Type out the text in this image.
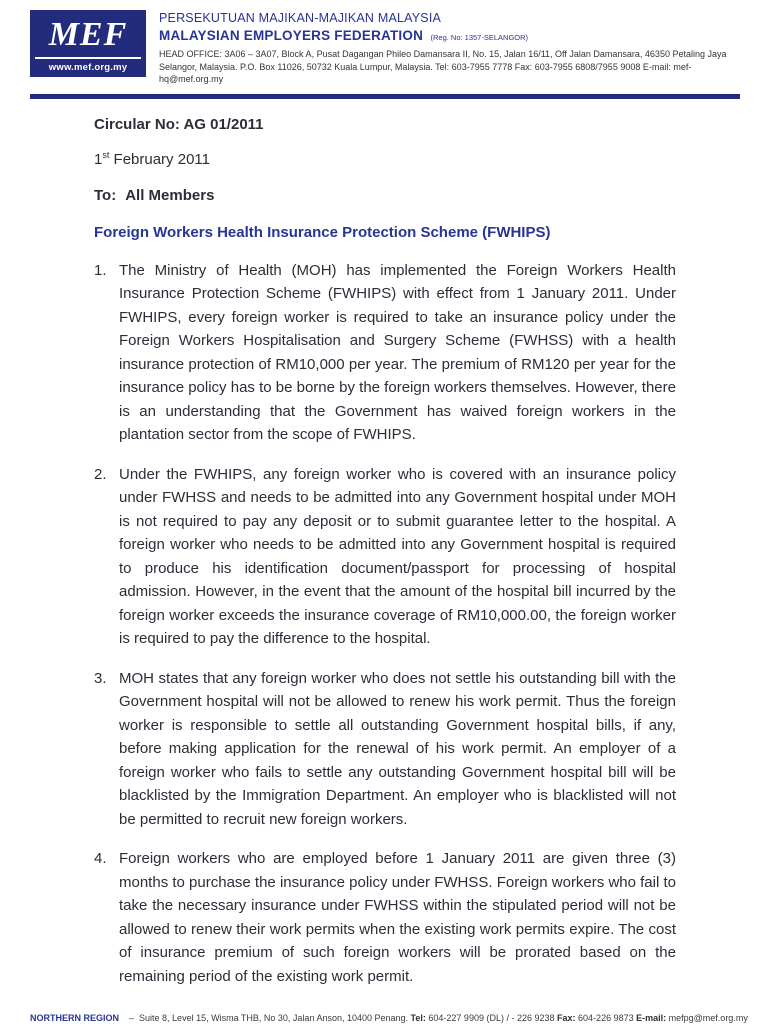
MEF
www.mef.org.my
PERSEKUTUAN MAJIKAN-MAJIKAN MALAYSIA
MALAYSIAN EMPLOYERS FEDERATION (Reg. No: 1357-SELANGOR)
HEAD OFFICE: 3A06 – 3A07, Block A, Pusat Dagangan Phileo Damansara II, No. 15, Jalan 16/11, Off Jalan Damansara, 46350 Petaling Jaya
Selangor, Malaysia. P.O. Box 11026, 50732 Kuala Lumpur, Malaysia. Tel: 603-7955 7778 Fax: 603-7955 6808/7955 9008 E-mail: mef-hq@mef.org.my

Circular No: AG 01/2011

1st February 2011

To: All Members

Foreign Workers Health Insurance Protection Scheme (FWHIPS)
1. The Ministry of Health (MOH) has implemented the Foreign Workers Health Insurance Protection Scheme (FWHIPS) with effect from 1 January 2011. Under FWHIPS, every foreign worker is required to take an insurance policy under the Foreign Workers Hospitalisation and Surgery Scheme (FWHSS) with a health insurance protection of RM10,000 per year. The premium of RM120 per year for the insurance policy has to be borne by the foreign workers themselves. However, there is an understanding that the Government has waived foreign workers in the plantation sector from the scope of FWHIPS.
2. Under the FWHIPS, any foreign worker who is covered with an insurance policy under FWHSS and needs to be admitted into any Government hospital under MOH is not required to pay any deposit or to submit guarantee letter to the hospital. A foreign worker who needs to be admitted into any Government hospital is required to produce his identification document/passport for processing of hospital admission. However, in the event that the amount of the hospital bill incurred by the foreign worker exceeds the insurance coverage of RM10,000.00, the foreign worker is required to pay the difference to the hospital.
3. MOH states that any foreign worker who does not settle his outstanding bill with the Government hospital will not be allowed to renew his work permit. Thus the foreign worker is responsible to settle all outstanding Government hospital bills, if any, before making application for the renewal of his work permit. An employer of a foreign worker who fails to settle any outstanding Government hospital bill will be blacklisted by the Immigration Department. An employer who is blacklisted will not be permitted to recruit new foreign workers.
4. Foreign workers who are employed before 1 January 2011 are given three (3) months to purchase the insurance policy under FWHSS. Foreign workers who fail to take the necessary insurance under FWHSS within the stipulated period will not be allowed to renew their work permits when the existing work permits expire. The cost of insurance premium of such foreign workers will be prorated based on the remaining period of the existing work permit.
NORTHERN REGION – Suite 8, Level 15, Wisma THB, No 30, Jalan Anson, 10400 Penang. Tel: 604-227 9909 (DL) / - 226 9238 Fax: 604-226 9873 E-mail: mefpg@mef.org.my
